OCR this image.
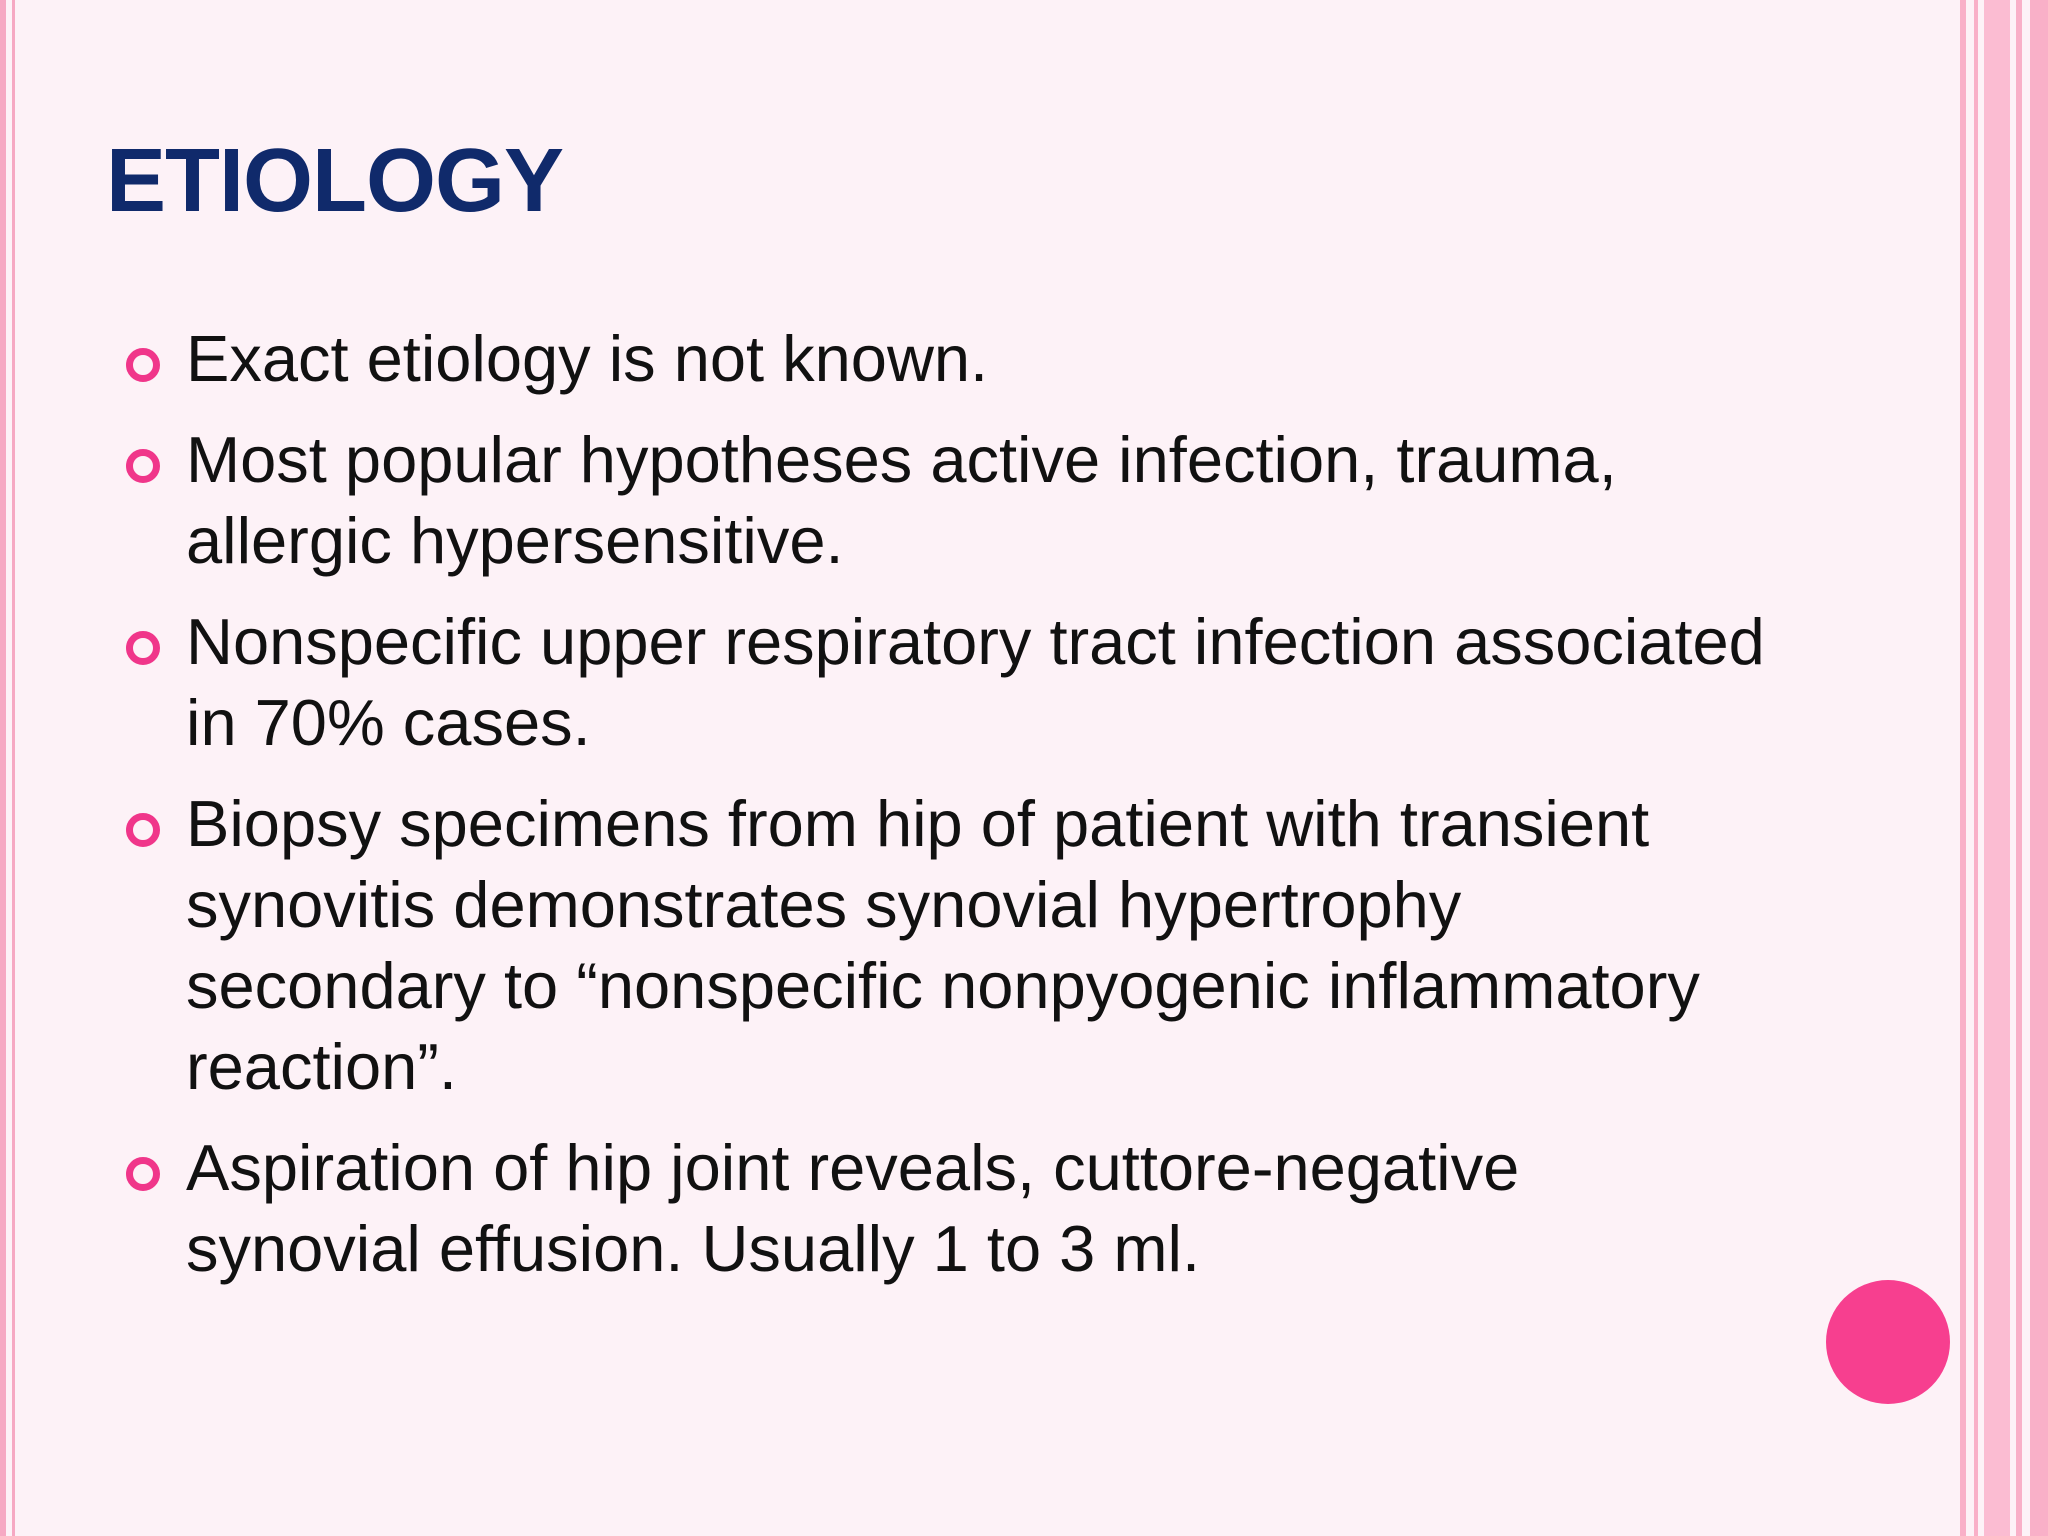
ETIOLOGY
Exact etiology is not known.
Most popular hypotheses active infection, trauma, allergic hypersensitive.
Nonspecific upper respiratory tract infection associated in 70% cases.
Biopsy specimens from hip of patient with transient synovitis demonstrates synovial hypertrophy secondary to “nonspecific nonpyogenic inflammatory reaction”.
Aspiration of hip joint reveals, cuttore-negative synovial effusion. Usually 1 to 3 ml.
